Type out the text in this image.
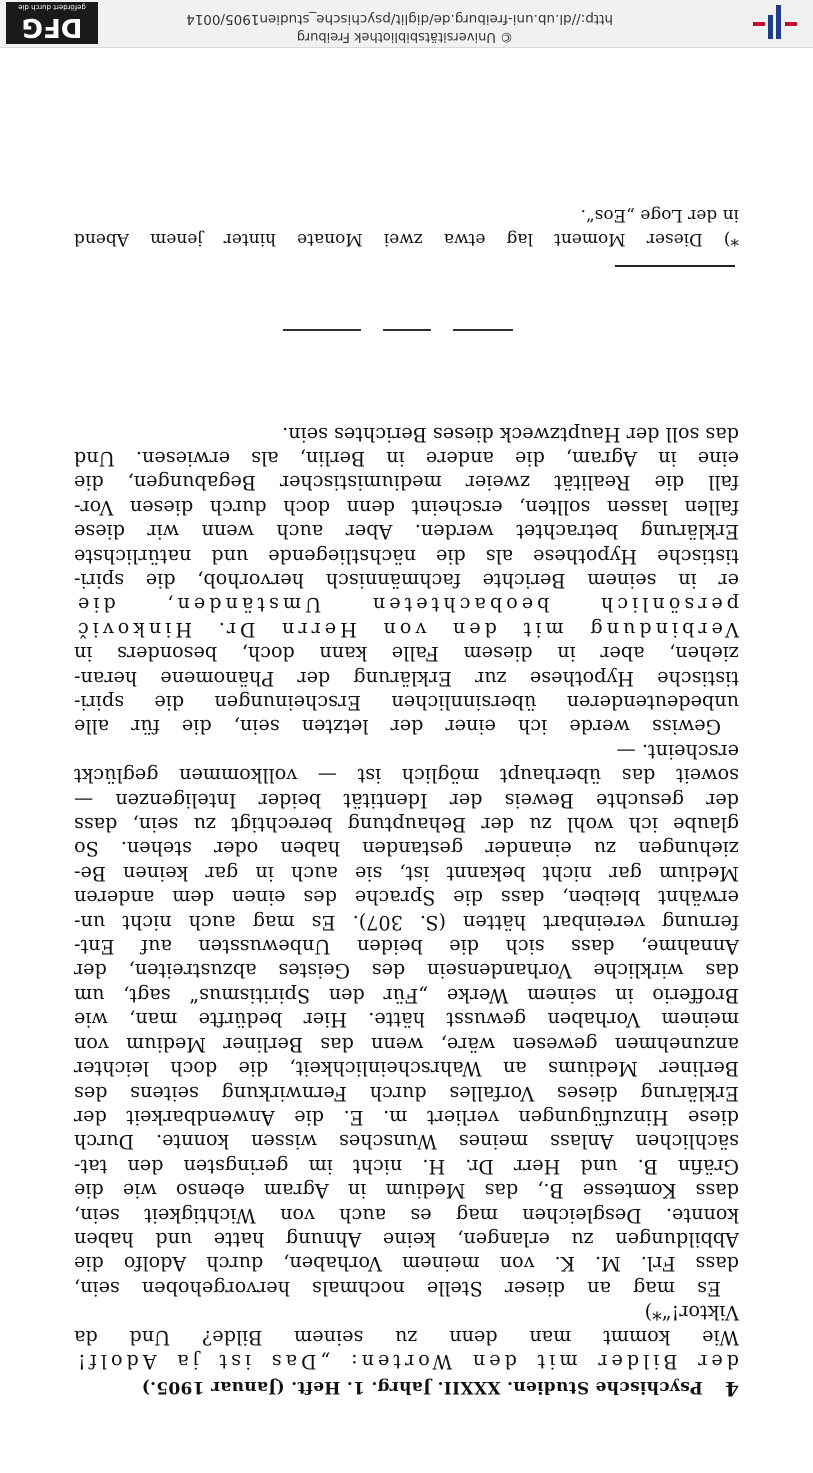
4Psychische Studien. XXXII. Jahrg. 1. Heft. (Januar 1905.)

der Bilder mit den Worten: „Das ist ja Adolf!

Wie kommt man denn zu seinem Bilde? Und da

Viktor!“*)

Es mag an dieser Stelle nochmals hervorgehoben sein,

dass Frl. M. K. von meinem Vorhaben, durch Adolfo die

Abbildungen zu erlangen, keine Ahnung hatte und haben

konnte. Desgleichen mag es auch von Wichtigkeit sein,

dass Komtesse B., das Medium in Agram ebenso wie die

Gräfin B. und Herr Dr. H. nicht im geringsten den tat-

sächlichen Anlass meines Wunsches wissen konnte. Durch

diese Hinzufügungen verliert m. E. die Anwendbarkeit der

Erklärung dieses Vorfalles durch Fernwirkung seitens des

Berliner Mediums an Wahrscheinlichkeit, die doch leichter

anzunehmen gewesen wäre, wenn das Berliner Medium von

meinem Vorhaben gewusst hätte. Hier bedürfte man, wie

Brofferio in seinem Werke „Für den Spiritismus“ sagt, um

das wirkliche Vorhandensein des Geistes abzustreiten, der

Annahme, dass sich die beiden Unbewussten auf Ent-

fernung vereinbart hätten (S. 307). Es mag auch nicht un-

erwähnt bleiben, dass die Sprache des einen dem anderen

Medium gar nicht bekannt ist, sie auch in gar keinen Be-

ziehungen zu einander gestanden haben oder stehen. So

glaube ich wohl zu der Behauptung berechtigt zu sein, dass

der gesuchte Beweis der Identität beider Inteligenzen —

soweit das überhaupt möglich ist — vollkommen geglückt

erscheint. —

Gewiss werde ich einer der letzten sein, die für alle

unbedeutenderen übersinnlichen Erscheinungen die spiri-

tistische Hypothese zur Erklärung der Phänomene heran-

ziehen, aber in diesem Falle kann doch, besonders in

Verbindung mit den von Herrn Dr. Hinkovič

persönlich beobachteten Umständen, die

er in seinem Berichte fachmännisch hervorhob, die spiri-

tistische Hypothese als die nächstliegende und natürlichste

Erklärung betrachtet werden. Aber auch wenn wir diese

fallen lassen sollten, erscheint denn doch durch diesen Vor-

fall die Realität zweier mediumistischer Begabungen, die

eine in Agram, die andere in Berlin, als erwiesen. Und

das soll der Hauptzweck dieses Berichtes sein.

*) Dieser Moment lag etwa zwei Monate hinter jenem Abend

in der Loge „Eos“.

http://dl.ub.uni-freiburg.de/diglit/psychische_studien1905/0014
© Universitätsbibliothek Freiburg
DFG
gefördert durch die
